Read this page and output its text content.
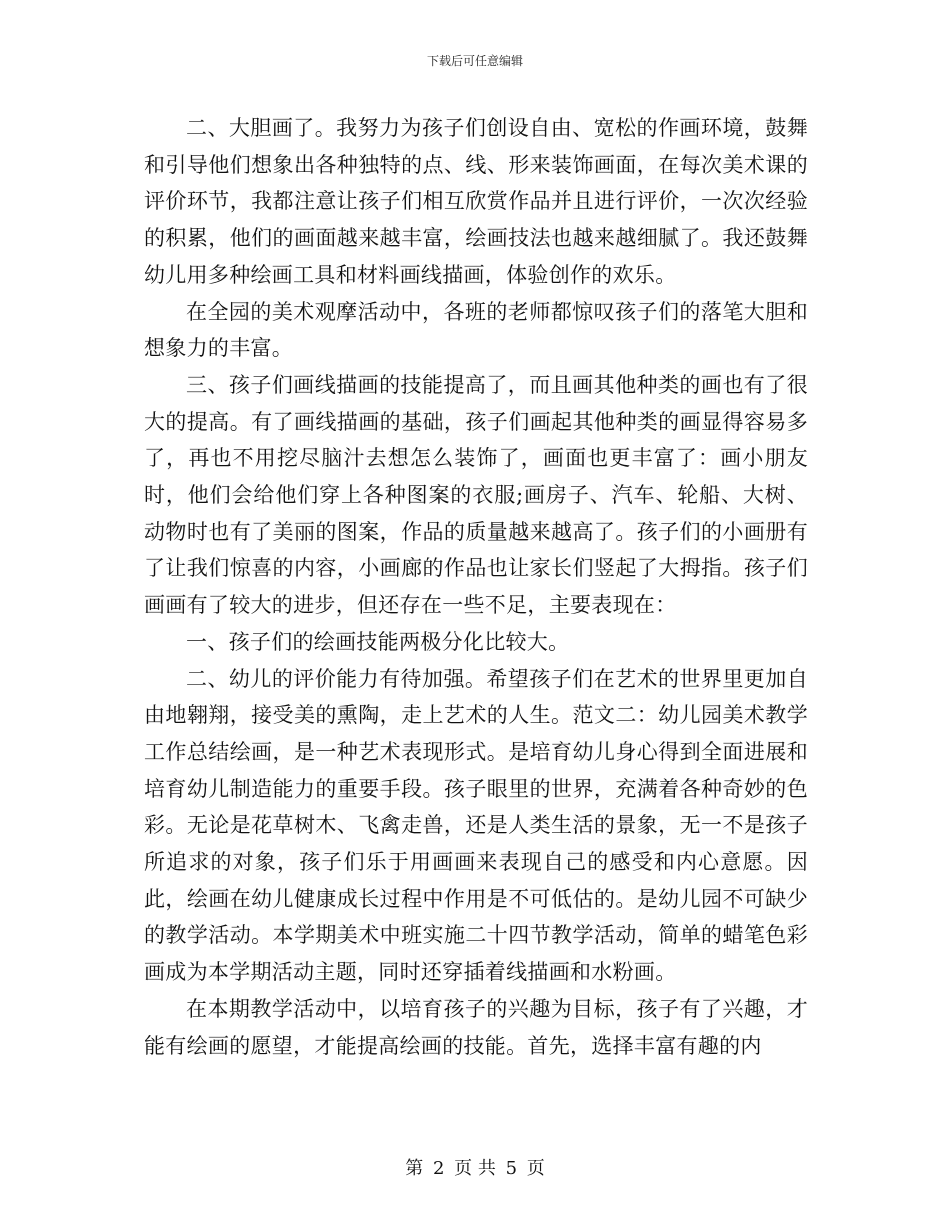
下载后可任意编辑

二、大胆画了。我努力为孩子们创设自由、宽松的作画环境，鼓舞和引导他们想象出各种独特的点、线、形来装饰画面，在每次美术课的评价环节，我都注意让孩子们相互欣赏作品并且进行评价，一次次经验的积累，他们的画面越来越丰富，绘画技法也越来越细腻了。我还鼓舞幼儿用多种绘画工具和材料画线描画，体验创作的欢乐。

在全园的美术观摩活动中，各班的老师都惊叹孩子们的落笔大胆和想象力的丰富。

三、孩子们画线描画的技能提高了，而且画其他种类的画也有了很大的提高。有了画线描画的基础，孩子们画起其他种类的画显得容易多了，再也不用挖尽脑汁去想怎么装饰了，画面也更丰富了：画小朋友时，他们会给他们穿上各种图案的衣服;画房子、汽车、轮船、大树、动物时也有了美丽的图案，作品的质量越来越高了。孩子们的小画册有了让我们惊喜的内容，小画廊的作品也让家长们竖起了大拇指。孩子们画画有了较大的进步，但还存在一些不足，主要表现在：

一、孩子们的绘画技能两极分化比较大。

二、幼儿的评价能力有待加强。希望孩子们在艺术的世界里更加自由地翱翔，接受美的熏陶，走上艺术的人生。范文二：幼儿园美术教学工作总结绘画，是一种艺术表现形式。是培育幼儿身心得到全面进展和培育幼儿制造能力的重要手段。孩子眼里的世界，充满着各种奇妙的色彩。无论是花草树木、飞禽走兽，还是人类生活的景象，无一不是孩子所追求的对象，孩子们乐于用画画来表现自己的感受和内心意愿。因此，绘画在幼儿健康成长过程中作用是不可低估的。是幼儿园不可缺少的教学活动。本学期美术中班实施二十四节教学活动，简单的蜡笔色彩画成为本学期活动主题，同时还穿插着线描画和水粉画。

在本期教学活动中，以培育孩子的兴趣为目标，孩子有了兴趣，才能有绘画的愿望，才能提高绘画的技能。首先，选择丰富有趣的内

第 2 页 共 5 页
